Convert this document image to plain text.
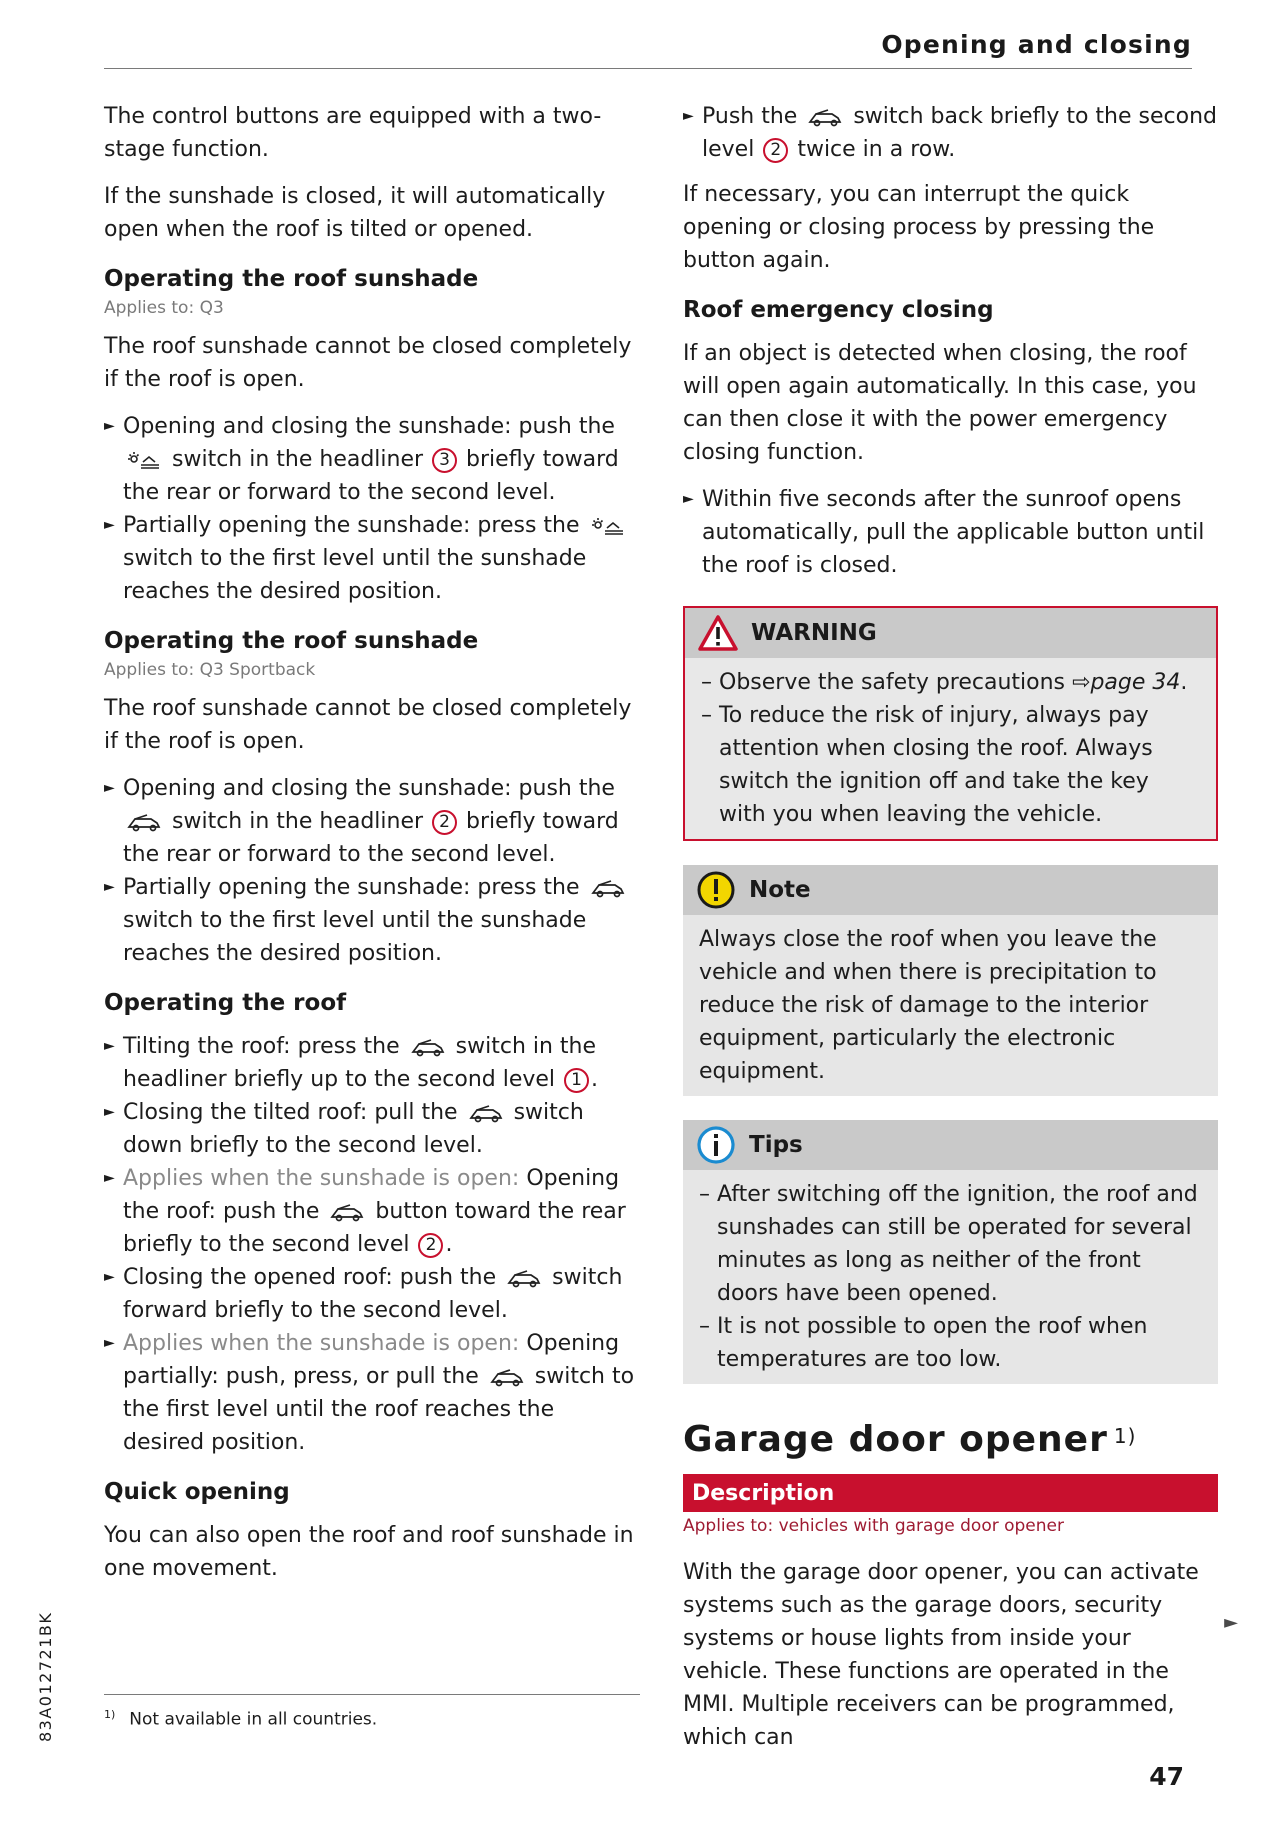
Opening and closing

The control buttons are equipped with a two-stage function.

If the sunshade is closed, it will automatically open when the roof is tilted or opened.

Operating the roof sunshade
Applies to: Q3

The roof sunshade cannot be closed completely if the roof is open.

► Opening and closing the sunshade: push the
switch in the headliner 3 briefly toward the rear or forward to the second level.
► Partially opening the sunshade: press the
switch to the first level until the sunshade reaches the desired position.
Operating the roof sunshade
Applies to: Q3 Sportback

The roof sunshade cannot be closed completely if the roof is open.

► Opening and closing the sunshade: push the
switch in the headliner 2 briefly toward the rear or forward to the second level.
► Partially opening the sunshade: press the
switch to the first level until the sunshade reaches the desired position.
Operating the roof
► Tilting the roof: press the	switch in the headliner briefly up to the second level 1 .
► Closing the tilted roof: pull the	switch down briefly to the second level.
► Applies when the sunshade is open: Opening the roof: push the	button toward the rear briefly to the second level 2 .
► Closing the opened roof: push the	switch forward briefly to the second level.
► Applies when the sunshade is open: Opening partially: push, press, or pull the	switch to the first level until the roof reaches the desired position.
Quick opening

You can also open the roof and roof sunshade in one movement.

► Push the	switch back briefly to the second level 2 twice in a row.

If necessary, you can interrupt the quick opening or closing process by pressing the button again.

Roof emergency closing

If an object is detected when closing, the roof will open again automatically. In this case, you can then close it with the power emergency closing function.

► Within five seconds after the sunroof opens automatically, pull the applicable button until the roof is closed.
WARNING
– Observe the safety precautions ⇨page 34.
– To reduce the risk of injury, always pay attention when closing the roof. Always switch the ignition off and take the key with you when leaving the vehicle.
Note
Always close the roof when you leave the vehicle and when there is precipitation to reduce the risk of damage to the interior equipment, particularly the electronic equipment.
Tips
– After switching off the ignition, the roof and sunshades can still be operated for several minutes as long as neither of the front doors have been opened.
– It is not possible to open the roof when temperatures are too low.
Garage door opener $^{1)}$
Description
Applies to: vehicles with garage door opener

With the garage door opener, you can activate systems such as the garage doors, security systems or house lights from inside your vehicle. These functions are operated in the MMI. Multiple receivers can be programmed, which can

►
$^{1)}$ Not available in all countries.
83A012721BK
47
